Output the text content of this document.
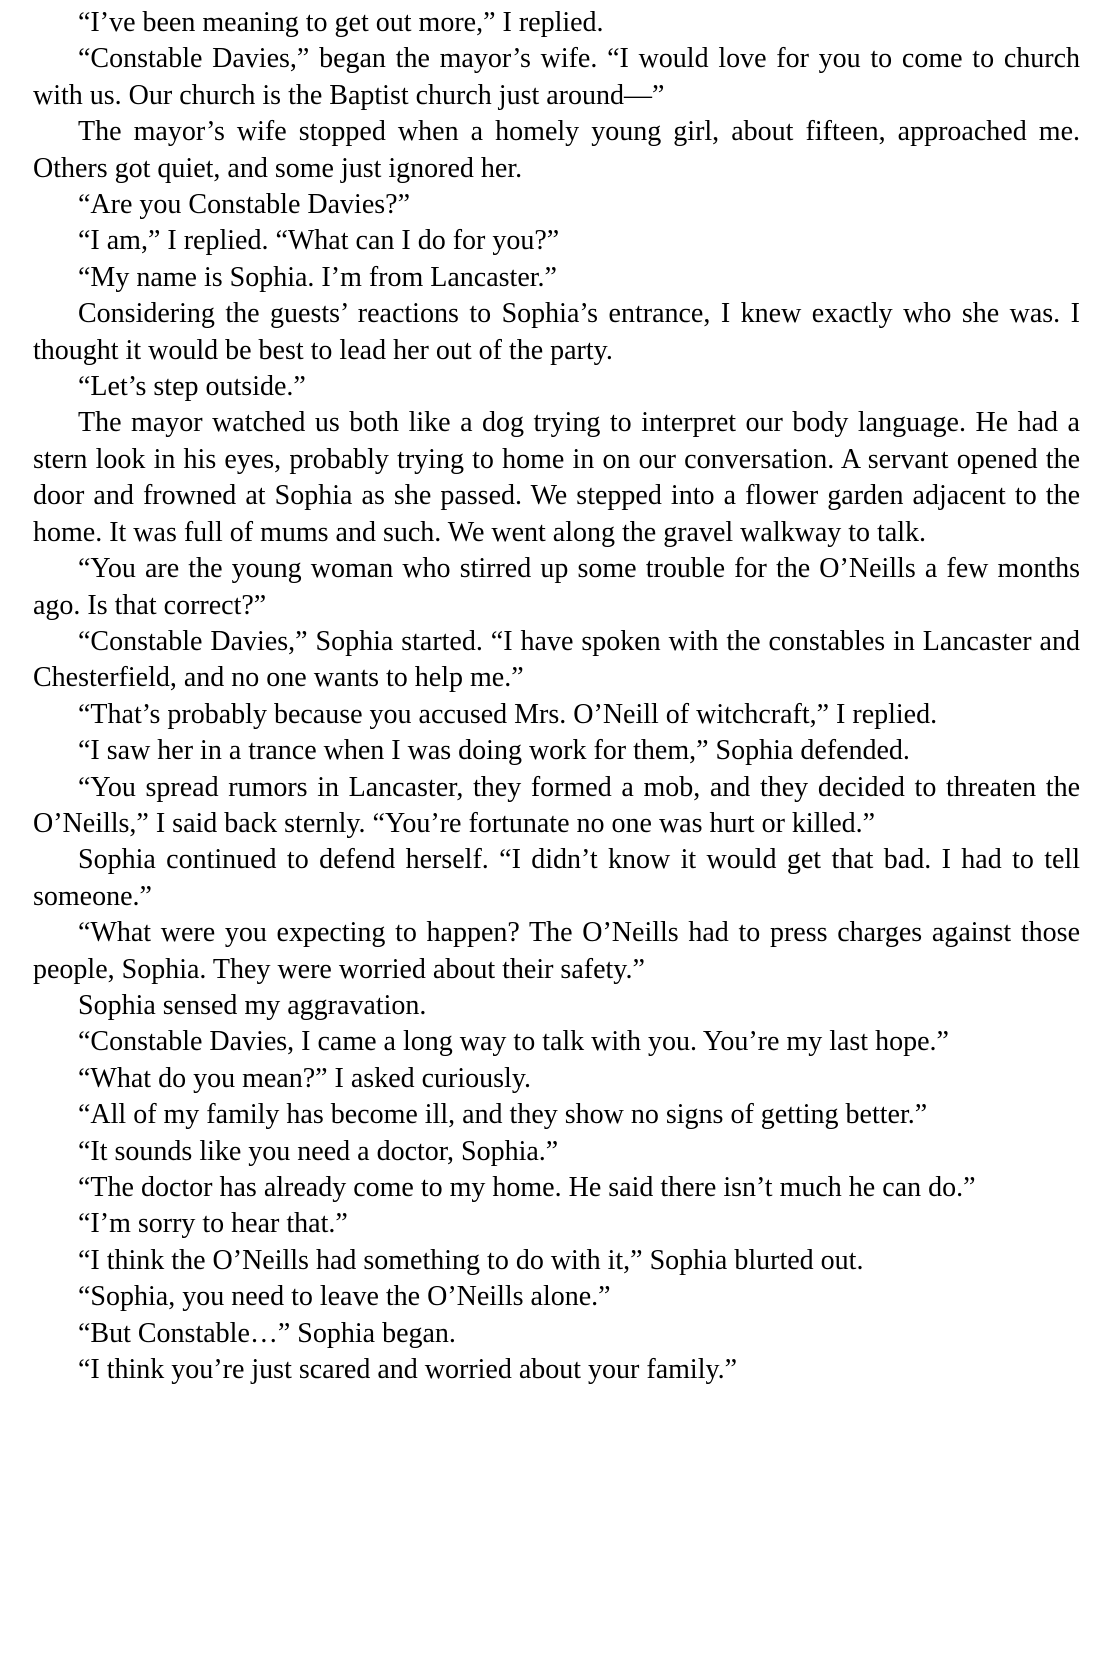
“I’ve been meaning to get out more,” I replied.

“Constable Davies,” began the mayor’s wife. “I would love for you to come to church with us. Our church is the Baptist church just around—”

The mayor’s wife stopped when a homely young girl, about fifteen, approached me. Others got quiet, and some just ignored her.

“Are you Constable Davies?”

“I am,” I replied. “What can I do for you?”

“My name is Sophia. I’m from Lancaster.”

Considering the guests’ reactions to Sophia’s entrance, I knew exactly who she was. I thought it would be best to lead her out of the party.

“Let’s step outside.”

The mayor watched us both like a dog trying to interpret our body language. He had a stern look in his eyes, probably trying to home in on our conversation. A servant opened the door and frowned at Sophia as she passed. We stepped into a flower garden adjacent to the home. It was full of mums and such. We went along the gravel walkway to talk.

“You are the young woman who stirred up some trouble for the O’Neills a few months ago. Is that correct?”

“Constable Davies,” Sophia started. “I have spoken with the constables in Lancaster and Chesterfield, and no one wants to help me.”

“That’s probably because you accused Mrs. O’Neill of witchcraft,” I replied.

“I saw her in a trance when I was doing work for them,” Sophia defended.

“You spread rumors in Lancaster, they formed a mob, and they decided to threaten the O’Neills,” I said back sternly. “You’re fortunate no one was hurt or killed.”

Sophia continued to defend herself. “I didn’t know it would get that bad. I had to tell someone.”

“What were you expecting to happen? The O’Neills had to press charges against those people, Sophia. They were worried about their safety.”

Sophia sensed my aggravation.

“Constable Davies, I came a long way to talk with you. You’re my last hope.”

“What do you mean?” I asked curiously.

“All of my family has become ill, and they show no signs of getting better.”

“It sounds like you need a doctor, Sophia.”

“The doctor has already come to my home. He said there isn’t much he can do.”

“I’m sorry to hear that.”

“I think the O’Neills had something to do with it,” Sophia blurted out.

“Sophia, you need to leave the O’Neills alone.”

“But Constable…” Sophia began.

“I think you’re just scared and worried about your family.”
